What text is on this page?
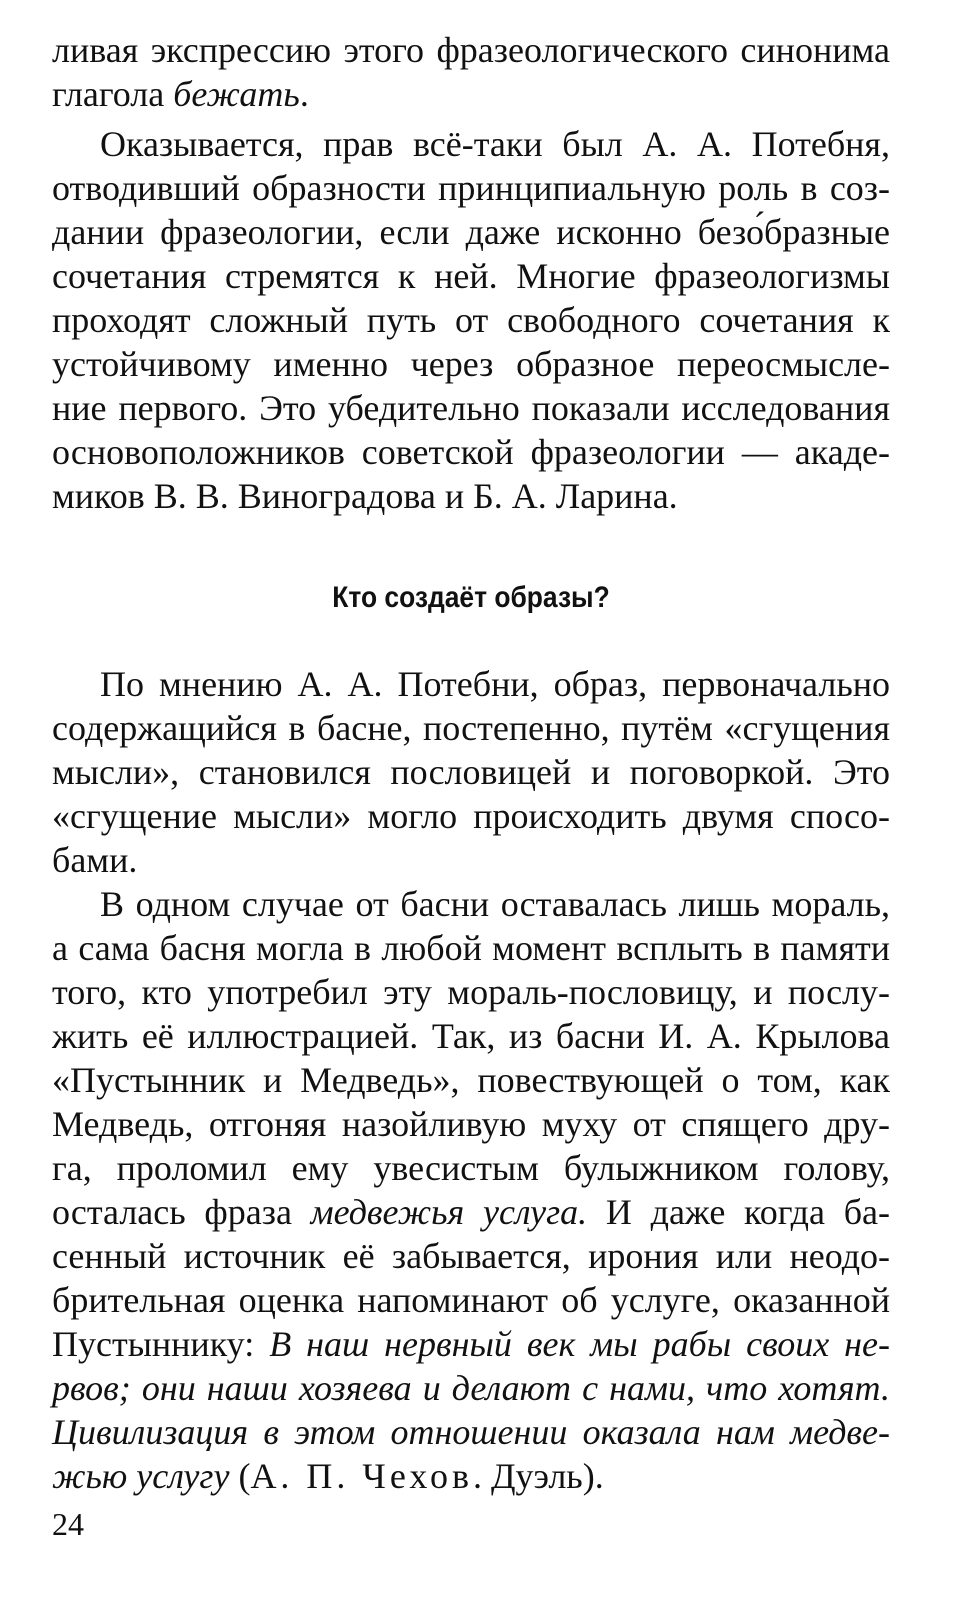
ливая экспрессию этого фразеологического синонима
глагола бежать.
Оказывается, прав всё-таки был А. А. Потебня,
отводивший образности принципиальную роль в соз-
дании фразеологии, если даже исконно безо́бразные
сочетания стремятся к ней. Многие фразеологизмы
проходят сложный путь от свободного сочетания к
устойчивому именно через образное переосмысле-
ние первого. Это убедительно показали исследования
основоположников советской фразеологии — акаде-
миков В. В. Виноградова и Б. А. Ларина.
Кто создаёт образы?
По мнению А. А. Потебни, образ, первоначально
содержащийся в басне, постепенно, путём «сгущения
мысли», становился пословицей и поговоркой. Это
«сгущение мысли» могло происходить двумя спосо-
бами.
В одном случае от басни оставалась лишь мораль,
а сама басня могла в любой момент всплыть в памяти
того, кто употребил эту мораль-пословицу, и послу-
жить её иллюстрацией. Так, из басни И. А. Крылова
«Пустынник и Медведь», повествующей о том, как
Медведь, отгоняя назойливую муху от спящего дру-
га, проломил ему увесистым булыжником голову,
осталась фраза медвежья услуга. И даже когда ба-
сенный источник её забывается, ирония или неодо-
брительная оценка напоминают об услуге, оказанной
Пустыннику: В наш нервный век мы рабы своих не-
рвов; они наши хозяева и делают с нами, что хотят.
Цивилизация в этом отношении оказала нам медве-
жью услугу (А. П. Чехов. Дуэль).
24
